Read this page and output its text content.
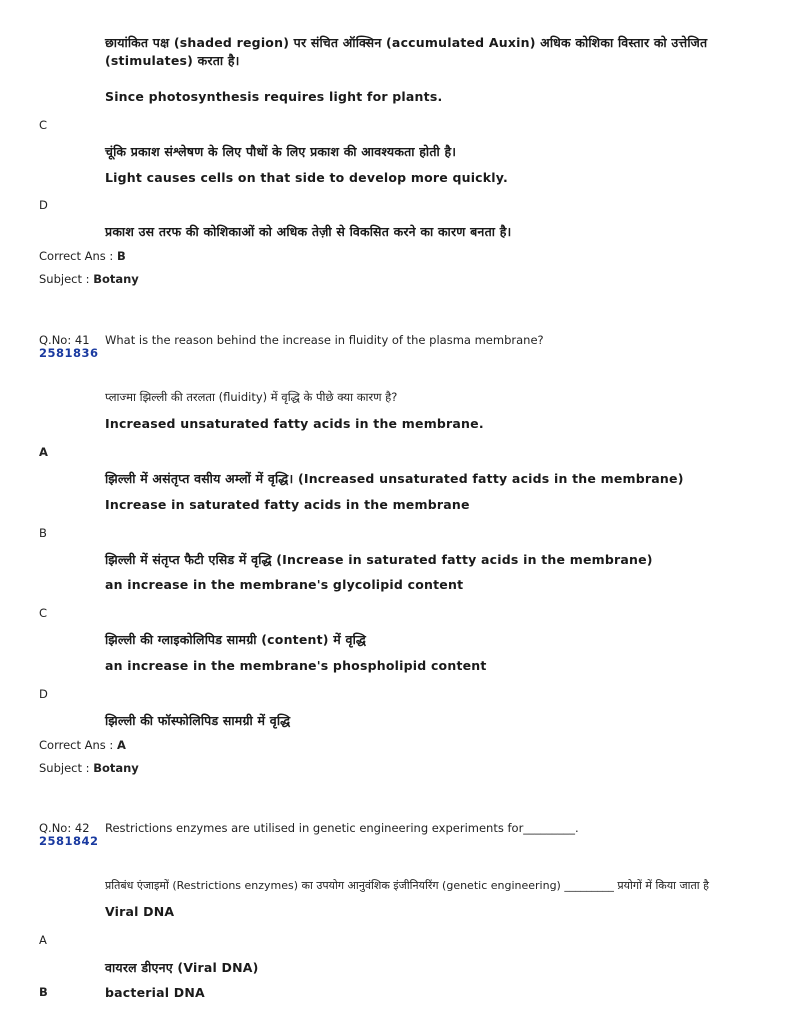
छायांकित पक्ष (shaded region) पर संचित ऑक्सिन (accumulated Auxin) अधिक कोशिका विस्तार को उत्तेजित (stimulates) करता है।
Since photosynthesis requires light for plants.
C
चूंकि प्रकाश संश्लेषण के लिए पौधों के लिए प्रकाश की आवश्यकता होती है।
Light causes cells on that side to develop more quickly.
D
प्रकाश उस तरफ की कोशिकाओं को अधिक तेज़ी से विकसित करने का कारण बनता है।
Correct Ans : B
Subject : Botany
Q.No: 41
2581836
What is the reason behind the increase in fluidity of the plasma membrane?
प्लाज्मा झिल्ली की तरलता (fluidity) में वृद्धि के पीछे क्या कारण है?
Increased unsaturated fatty acids in the membrane.
A
झिल्ली में असंतृप्त वसीय अम्लों में वृद्धि। (Increased unsaturated fatty acids in the membrane)
Increase in saturated fatty acids in the membrane
B
झिल्ली में संतृप्त फैटी एसिड में वृद्धि (Increase in saturated fatty acids in the membrane)
an increase in the membrane's glycolipid content
C
झिल्ली की ग्लाइकोलिपिड सामग्री (content) में वृद्धि
an increase in the membrane's phospholipid content
D
झिल्ली की फॉस्फोलिपिड सामग्री में वृद्धि
Correct Ans : A
Subject : Botany
Q.No: 42
2581842
Restrictions enzymes are utilised in genetic engineering experiments for_________.
प्रतिबंध एंजाइमों (Restrictions enzymes) का उपयोग आनुवंशिक इंजीनियरिंग (genetic engineering) _________ प्रयोगों में किया जाता है
Viral DNA
A
वायरल डीएनए (Viral DNA)
B	bacterial DNA
